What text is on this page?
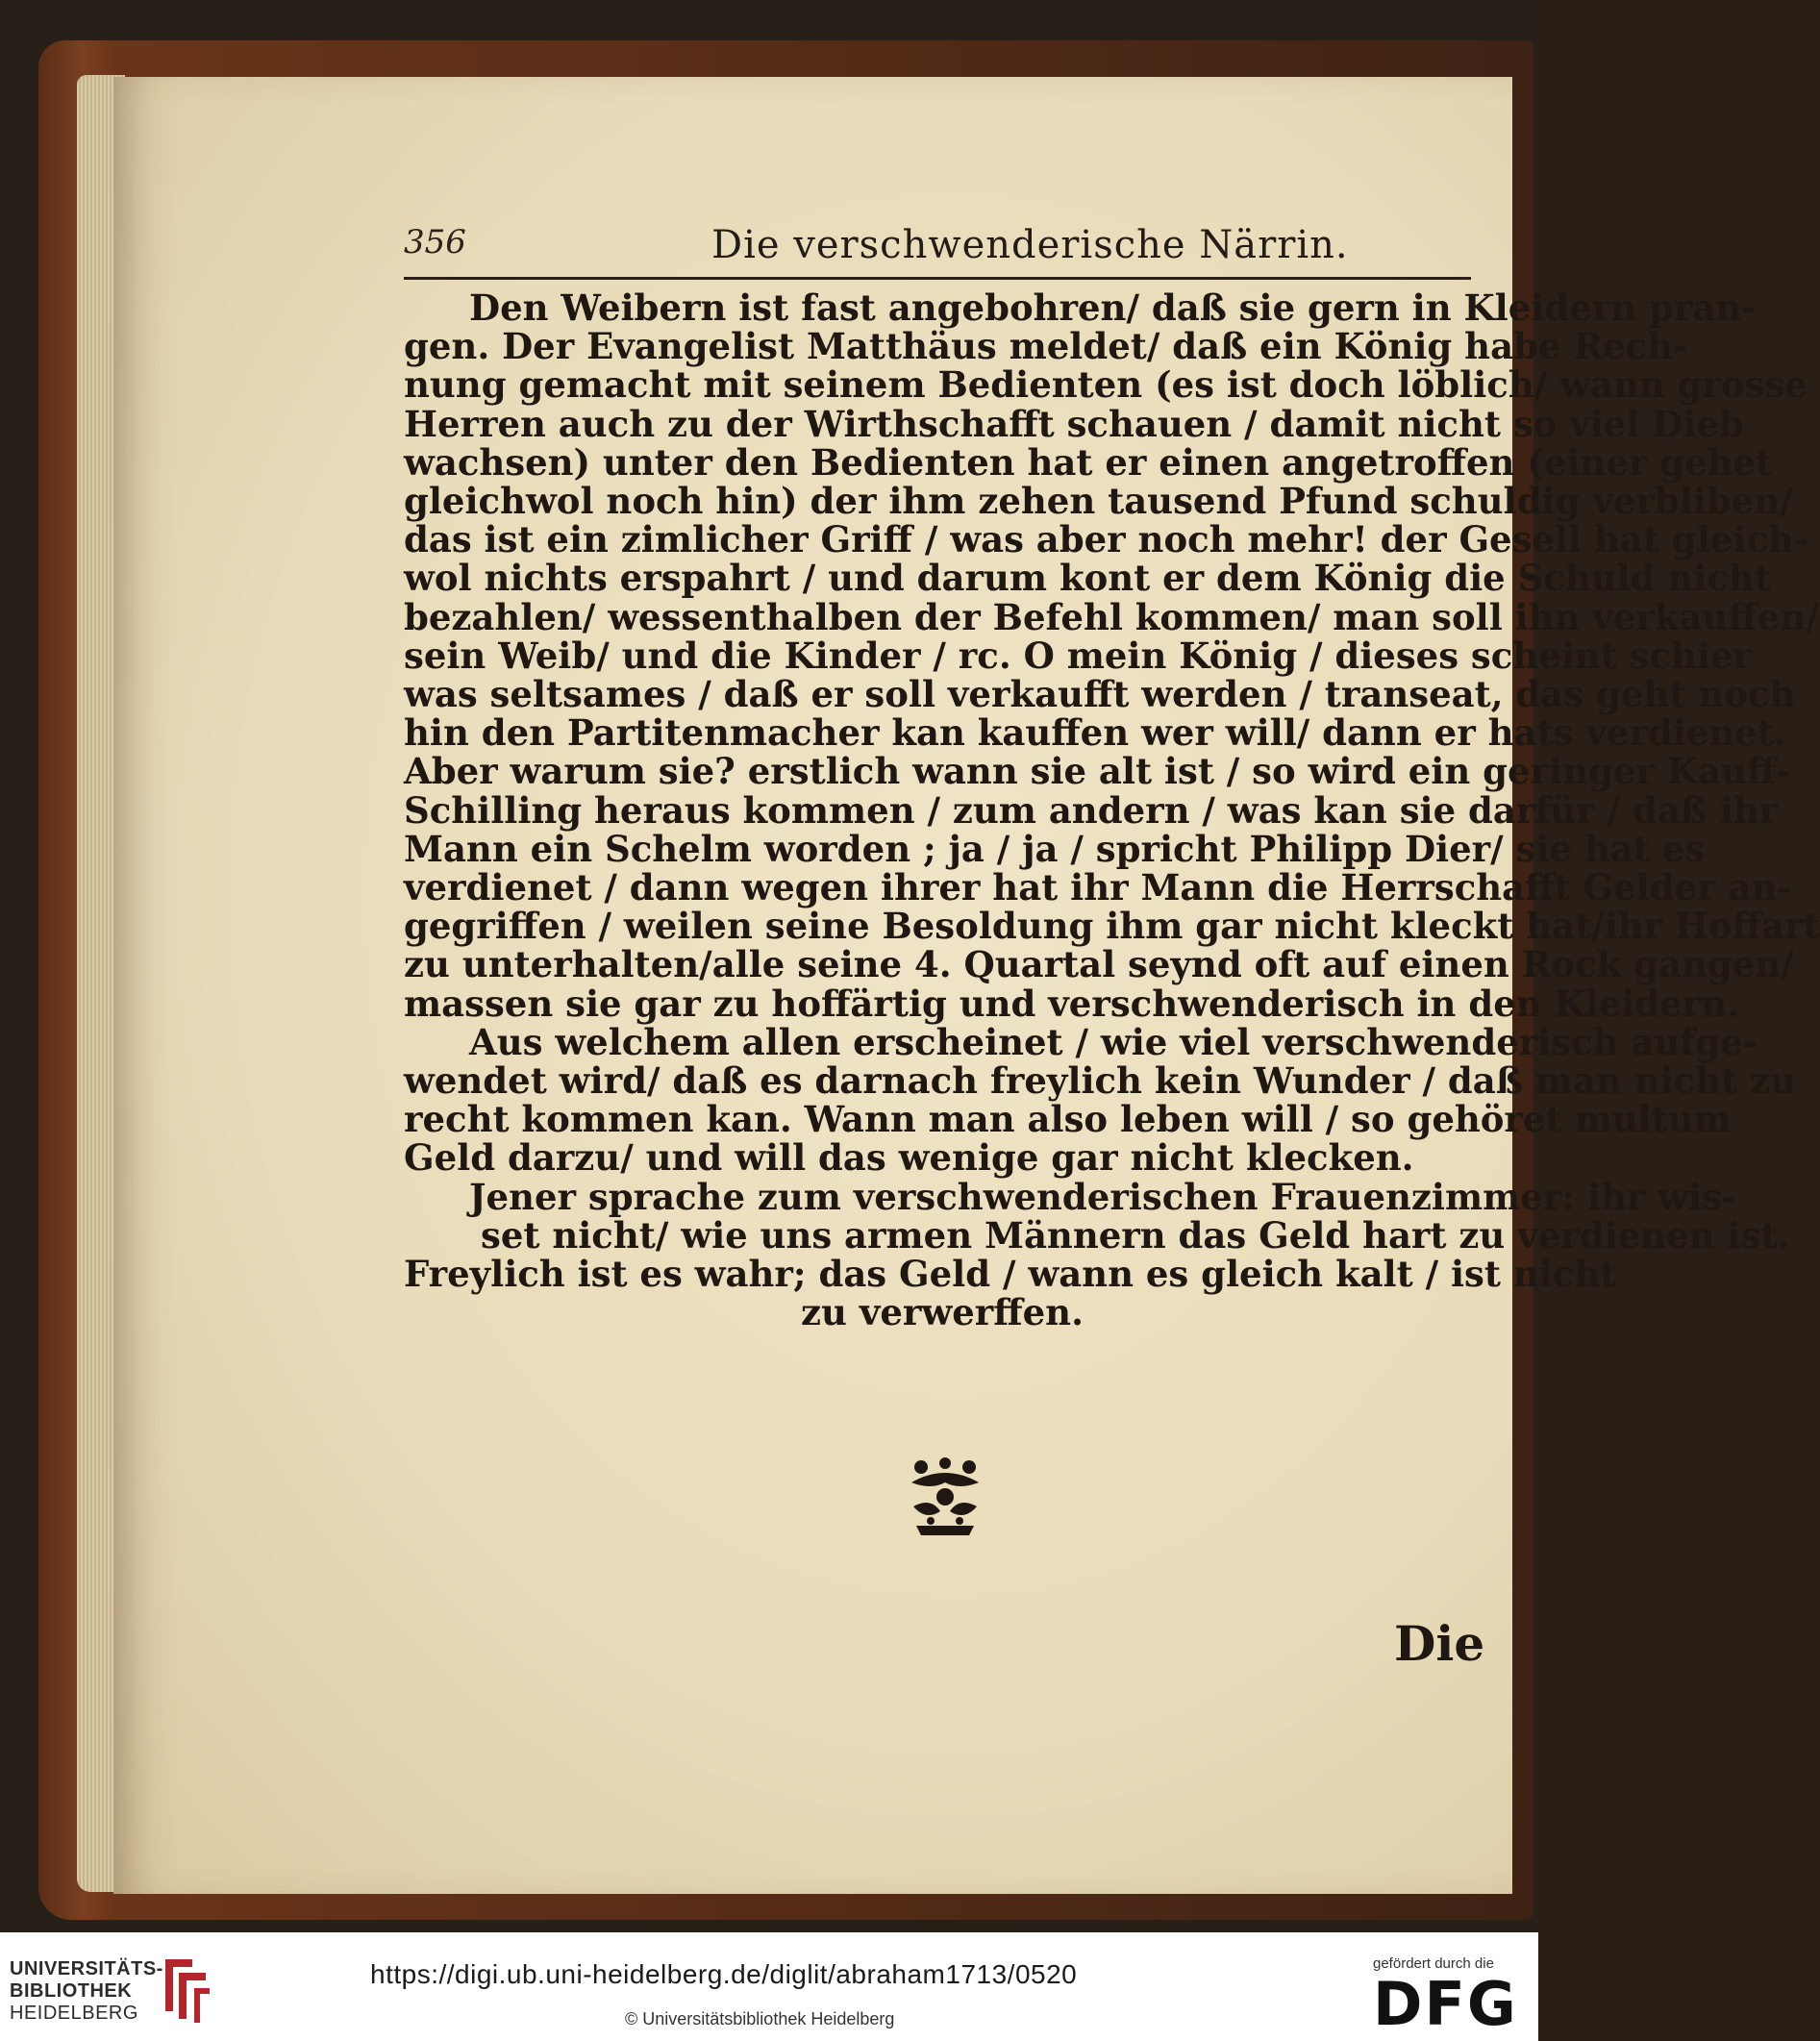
356	Die verschwenderische Närrin.
Den Weibern ist fast angebohren/ daß sie gern in Kleidern pran-
gen. Der Evangelist Matthäus meldet/ daß ein König habe Rech-
nung gemacht mit seinem Bedienten (es ist doch löblich/ wann grosse
Herren auch zu der Wirthschafft schauen / damit nicht so viel Dieb
wachsen) unter den Bedienten hat er einen angetroffen (einer gehet
gleichwol noch hin) der ihm zehen tausend Pfund schuldig verbliben/
das ist ein zimlicher Griff / was aber noch mehr! der Gesell hat gleich-
wol nichts erspahrt / und darum kont er dem König die Schuld nicht
bezahlen/ wessenthalben der Befehl kommen/ man soll ihn verkauffen/
sein Weib/ und die Kinder / rc. O mein König / dieses scheint schier
was seltsames / daß er soll verkaufft werden / transeat, das geht noch
hin den Partitenmacher kan kauffen wer will/ dann er hats verdienet.
Aber warum sie? erstlich wann sie alt ist / so wird ein geringer Kauff-
Schilling heraus kommen / zum andern / was kan sie darfür / daß ihr
Mann ein Schelm worden ; ja / ja / spricht Philipp Dier/ sie hat es
verdienet / dann wegen ihrer hat ihr Mann die Herrschafft Gelder an-
gegriffen / weilen seine Besoldung ihm gar nicht kleckt hat/ihr Hoffart
zu unterhalten/alle seine 4. Quartal seynd oft auf einen Rock gangen/
massen sie gar zu hoffärtig und verschwenderisch in den Kleidern.
Aus welchem allen erscheinet / wie viel verschwenderisch aufge-
wendet wird/ daß es darnach freylich kein Wunder / daß man nicht zu
recht kommen kan. Wann man also leben will / so gehöret multum
Geld darzu/ und will das wenige gar nicht klecken.
Jener sprache zum verschwenderischen Frauenzimmer: ihr wis-
set nicht/ wie uns armen Männern das Geld hart zu verdienen ist.
Freylich ist es wahr; das Geld / wann es gleich kalt / ist nicht
zu verwerffen.
Die
UNIVERSITÄTS-
BIBLIOTHEK
HEIDELBERG
https://digi.ub.uni-heidelberg.de/diglit/abraham1713/0520
© Universitätsbibliothek Heidelberg
gefördert durch die
DFG
